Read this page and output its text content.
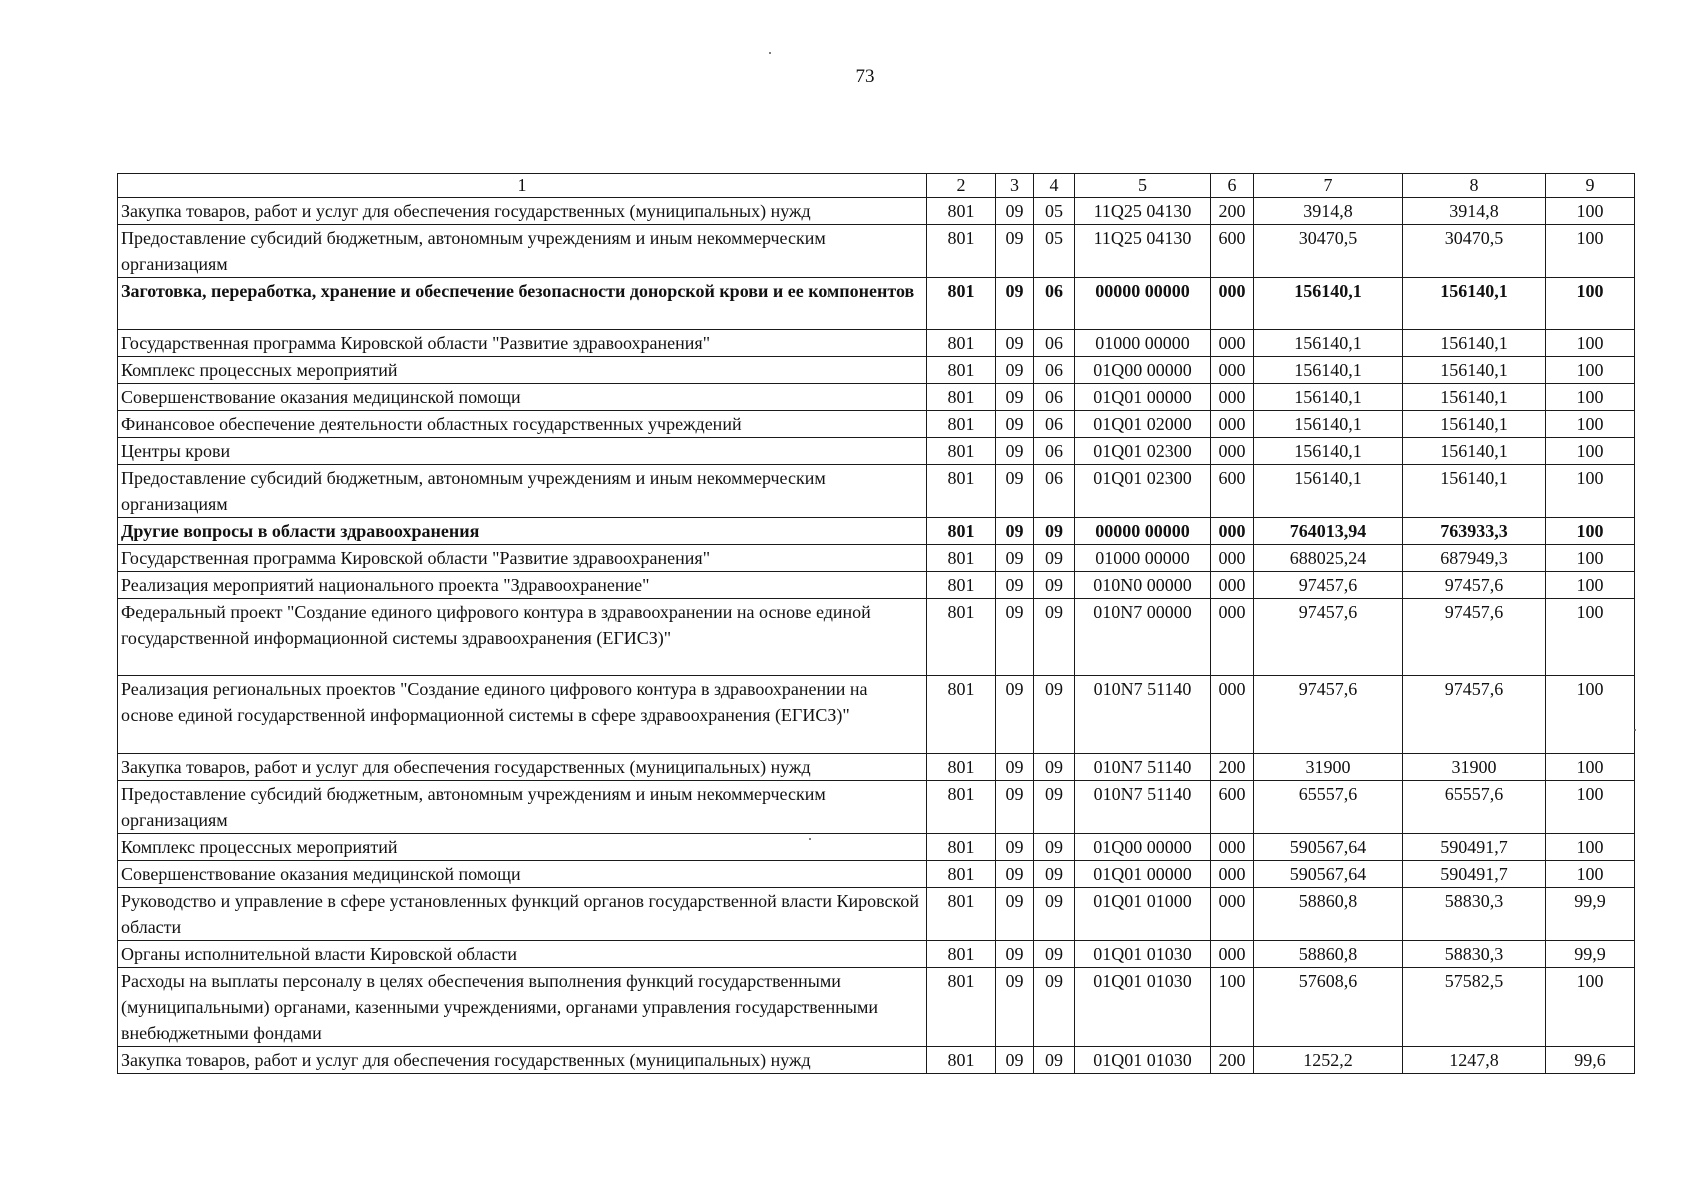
73
1	2	3	4	5	6	7	8	9
Закупка товаров, работ и услуг для обеспечения государственных (муниципальных) нужд	801	09	05	11Q25 04130	200	3914,8	3914,8	100
Предоставление субсидий бюджетным, автономным учреждениям и иным некоммерческим организациям	801	09	05	11Q25 04130	600	30470,5	30470,5	100
Заготовка, переработка, хранение и обеспечение безопасности донорской крови и ее компонентов	801	09	06	00000 00000	000	156140,1	156140,1	100
Государственная программа Кировской области "Развитие здравоохранения"	801	09	06	01000 00000	000	156140,1	156140,1	100
Комплекс процессных мероприятий	801	09	06	01Q00 00000	000	156140,1	156140,1	100
Совершенствование оказания медицинской помощи	801	09	06	01Q01 00000	000	156140,1	156140,1	100
Финансовое обеспечение деятельности областных государственных учреждений	801	09	06	01Q01 02000	000	156140,1	156140,1	100
Центры крови	801	09	06	01Q01 02300	000	156140,1	156140,1	100
Предоставление субсидий бюджетным, автономным учреждениям и иным некоммерческим организациям	801	09	06	01Q01 02300	600	156140,1	156140,1	100
Другие вопросы в области здравоохранения	801	09	09	00000 00000	000	764013,94	763933,3	100
Государственная программа Кировской области "Развитие здравоохранения"	801	09	09	01000 00000	000	688025,24	687949,3	100
Реализация мероприятий национального проекта "Здравоохранение"	801	09	09	010N0 00000	000	97457,6	97457,6	100
Федеральный проект "Создание единого цифрового контура в здравоохранении на основе единой государственной информационной системы здравоохранения (ЕГИСЗ)"	801	09	09	010N7 00000	000	97457,6	97457,6	100
Реализация региональных проектов "Создание единого цифрового контура в здравоохранении на основе единой государственной информационной системы в сфере здравоохранения (ЕГИСЗ)"	801	09	09	010N7 51140	000	97457,6	97457,6	100
Закупка товаров, работ и услуг для обеспечения государственных (муниципальных) нужд	801	09	09	010N7 51140	200	31900	31900	100
Предоставление субсидий бюджетным, автономным учреждениям и иным некоммерческим организациям	801	09	09	010N7 51140	600	65557,6	65557,6	100
Комплекс процессных мероприятий	801	09	09	01Q00 00000	000	590567,64	590491,7	100
Совершенствование оказания медицинской помощи	801	09	09	01Q01 00000	000	590567,64	590491,7	100
Руководство и управление в сфере установленных функций органов государственной власти Кировской области	801	09	09	01Q01 01000	000	58860,8	58830,3	99,9
Органы исполнительной власти Кировской области	801	09	09	01Q01 01030	000	58860,8	58830,3	99,9
Расходы на выплаты персоналу в целях обеспечения выполнения функций государственными (муниципальными) органами, казенными учреждениями, органами управления государственными внебюджетными фондами	801	09	09	01Q01 01030	100	57608,6	57582,5	100
Закупка товаров, работ и услуг для обеспечения государственных (муниципальных) нужд	801	09	09	01Q01 01030	200	1252,2	1247,8	99,6
